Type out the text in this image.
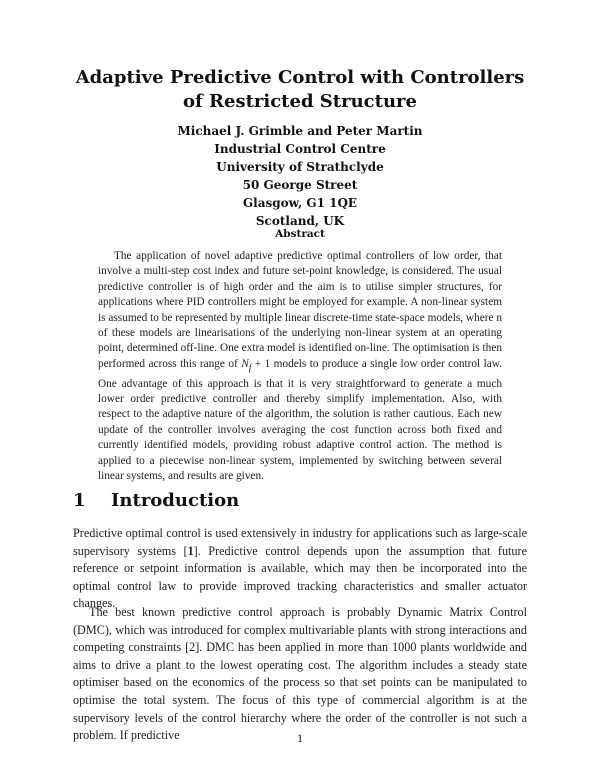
Adaptive Predictive Control with Controllers
of Restricted Structure
Michael J. Grimble and Peter Martin
Industrial Control Centre
University of Strathclyde
50 George Street
Glasgow, G1 1QE
Scotland, UK
Abstract

The application of novel adaptive predictive optimal controllers of low order, that involve a multi-step cost index and future set-point knowledge, is considered. The usual predictive controller is of high order and the aim is to utilise simpler structures, for applications where PID controllers might be employed for example. A non-linear system is assumed to be represented by multiple linear discrete-time state-space models, where n of these models are linearisations of the underlying non-linear system at an operating point, determined off-line. One extra model is identified on-line. The optimisation is then performed across this range of $N_f + 1$ models to produce a single low order control law. One advantage of this approach is that it is very straightforward to generate a much lower order predictive controller and thereby simplify implementation. Also, with respect to the adaptive nature of the algorithm, the solution is rather cautious. Each new update of the controller involves averaging the cost function across both fixed and currently identified models, providing robust adaptive control action. The method is applied to a piecewise non-linear system, implemented by switching between several linear systems, and results are given.

1 Introduction

Predictive optimal control is used extensively in industry for applications such as large-scale supervisory systems [1]. Predictive control depends upon the assumption that future reference or setpoint information is available, which may then be incorporated into the optimal control law to provide improved tracking characteristics and smaller actuator changes.

The best known predictive control approach is probably Dynamic Matrix Control (DMC), which was introduced for complex multivariable plants with strong interactions and competing constraints [2]. DMC has been applied in more than 1000 plants worldwide and aims to drive a plant to the lowest operating cost. The algorithm includes a steady state optimiser based on the economics of the process so that set points can be manipulated to optimise the total system. The focus of this type of commercial algorithm is at the supervisory levels of the control hierarchy where the order of the controller is not such a problem. If predictive	1
